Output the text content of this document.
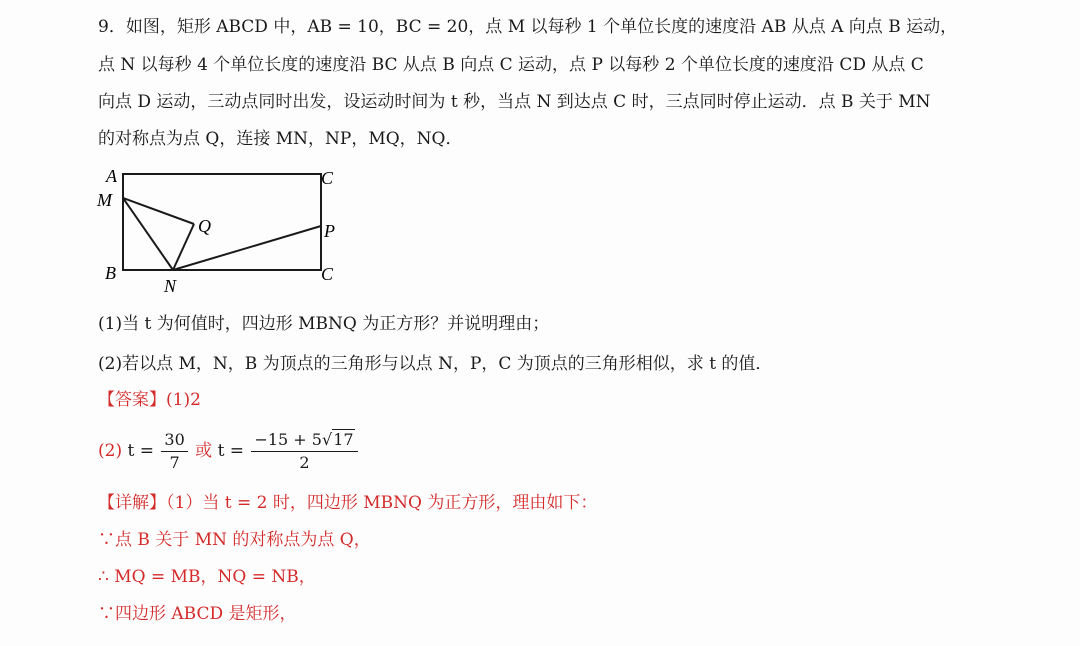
9．如图，矩形 ABCD 中，AB = 10，BC = 20，点 M 以每秒 1 个单位长度的速度沿 AB 从点 A 向点 B 运动，
点 N 以每秒 4 个单位长度的速度沿 BC 从点 B 向点 C 运动，点 P 以每秒 2 个单位长度的速度沿 CD 从点 C
向点 D 运动，三动点同时出发，设运动时间为 t 秒，当点 N 到达点 C 时，三点同时停止运动．点 B 关于 MN
的对称点为点 Q，连接 MN，NP，MQ，NQ．
A
M
B
N
Q
C
P
C
(1)当 t 为何值时，四边形 MBNQ 为正方形？并说明理由；
(2)若以点 M，N，B 为顶点的三角形与以点 N，P，C 为顶点的三角形相似，求 t 的值．
【答案】(1)2
(2) $t = \frac{30}{7}$ 或 $t = \frac{-15 + 5√17}{2}$
【详解】（1）当 t = 2 时，四边形 MBNQ 为正方形，理由如下：
∵点 B 关于 MN 的对称点为点 Q，
∴ MQ = MB，NQ = NB，
∵四边形 ABCD 是矩形，
